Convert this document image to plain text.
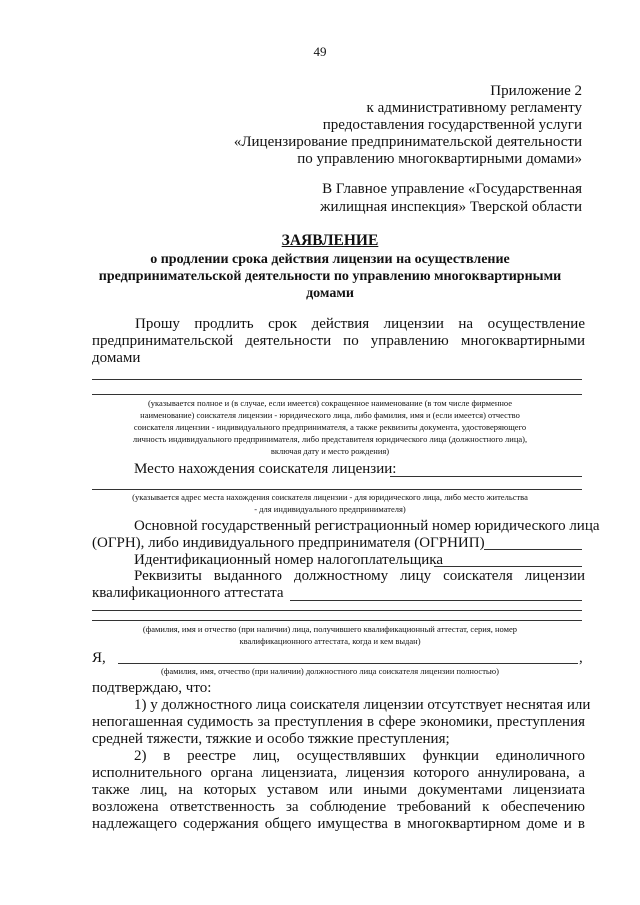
49
Приложение 2
к административному регламенту
предоставления государственной услуги
«Лицензирование предпринимательской деятельности
по управлению многоквартирными домами»
В Главное управление «Государственная
жилищная инспекция» Тверской области
ЗАЯВЛЕНИЕ
о продлении срока действия лицензии на осуществление
предпринимательской деятельности по управлению многоквартирными
домами
Прошу продлить срок действия лицензии на осуществление
предпринимательской деятельности по управлению многоквартирными
домами
(указывается полное и (в случае, если имеется) сокращенное наименование (в том числе фирменное
наименование) соискателя лицензии - юридического лица, либо фамилия, имя и (если имеется) отчество
соискателя лицензии - индивидуального предпринимателя, а также реквизиты документа, удостоверяющего
личность индивидуального предпринимателя, либо представителя юридического лица (должностного лица),
включая дату и место рождения)
Место нахождения соискателя лицензии:
(указывается адрес места нахождения соискателя лицензии - для юридического лица, либо место жительства
- для индивидуального предпринимателя)
Основной государственный регистрационный номер юридического лица
(ОГРН), либо индивидуального предпринимателя (ОГРНИП)
Идентификационный номер налогоплательщика
Реквизиты выданного должностному лицу соискателя лицензии
квалификационного аттестата
(фамилия, имя и отчество (при наличии) лица, получившего квалификационный аттестат, серия, номер
квалификационного аттестата, когда и кем выдан)
Я,	,
(фамилия, имя, отчество (при наличии) должностного лица соискателя лицензии полностью)
подтверждаю, что:
1) у должностного лица соискателя лицензии отсутствует неснятая или
непогашенная судимость за преступления в сфере экономики, преступления
средней тяжести, тяжкие и особо тяжкие преступления;
2) в реестре лиц, осуществлявших функции единоличного
исполнительного органа лицензиата, лицензия которого аннулирована, а
также лиц, на которых уставом или иными документами лицензиата
возложена ответственность за соблюдение требований к обеспечению
надлежащего содержания общего имущества в многоквартирном доме и в
